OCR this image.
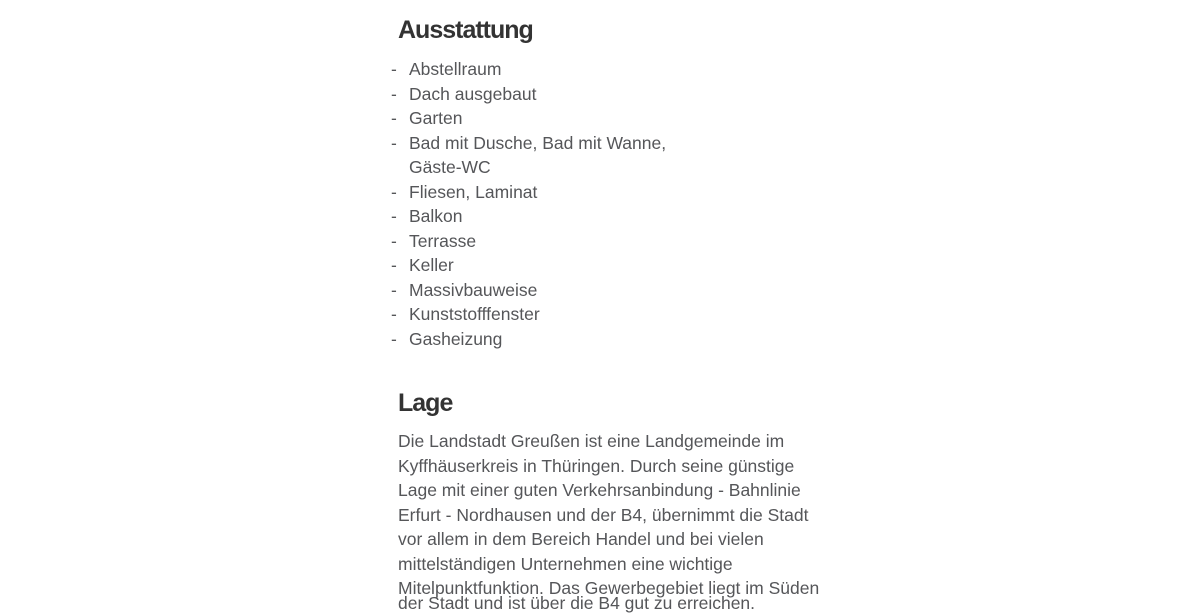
Ausstattung
- Abstellraum
- Dach ausgebaut
- Garten
- Bad mit Dusche, Bad mit Wanne, Gäste-WC
- Fliesen, Laminat
- Balkon
- Terrasse
- Keller
- Massivbauweise
- Kunststofffenster
- Gasheizung
Lage
Die Landstadt Greußen ist eine Landgemeinde im
Kyffhäuserkreis in Thüringen. Durch seine günstige
Lage mit einer guten Verkehrsanbindung - Bahnlinie
Erfurt - Nordhausen und der B4, übernimmt die Stadt
vor allem in dem Bereich Handel und bei vielen
mittelständigen Unternehmen eine wichtige
Mitelpunktfunktion. Das Gewerbegebiet liegt im Süden
der Stadt und ist über die B4 gut zu erreichen.
